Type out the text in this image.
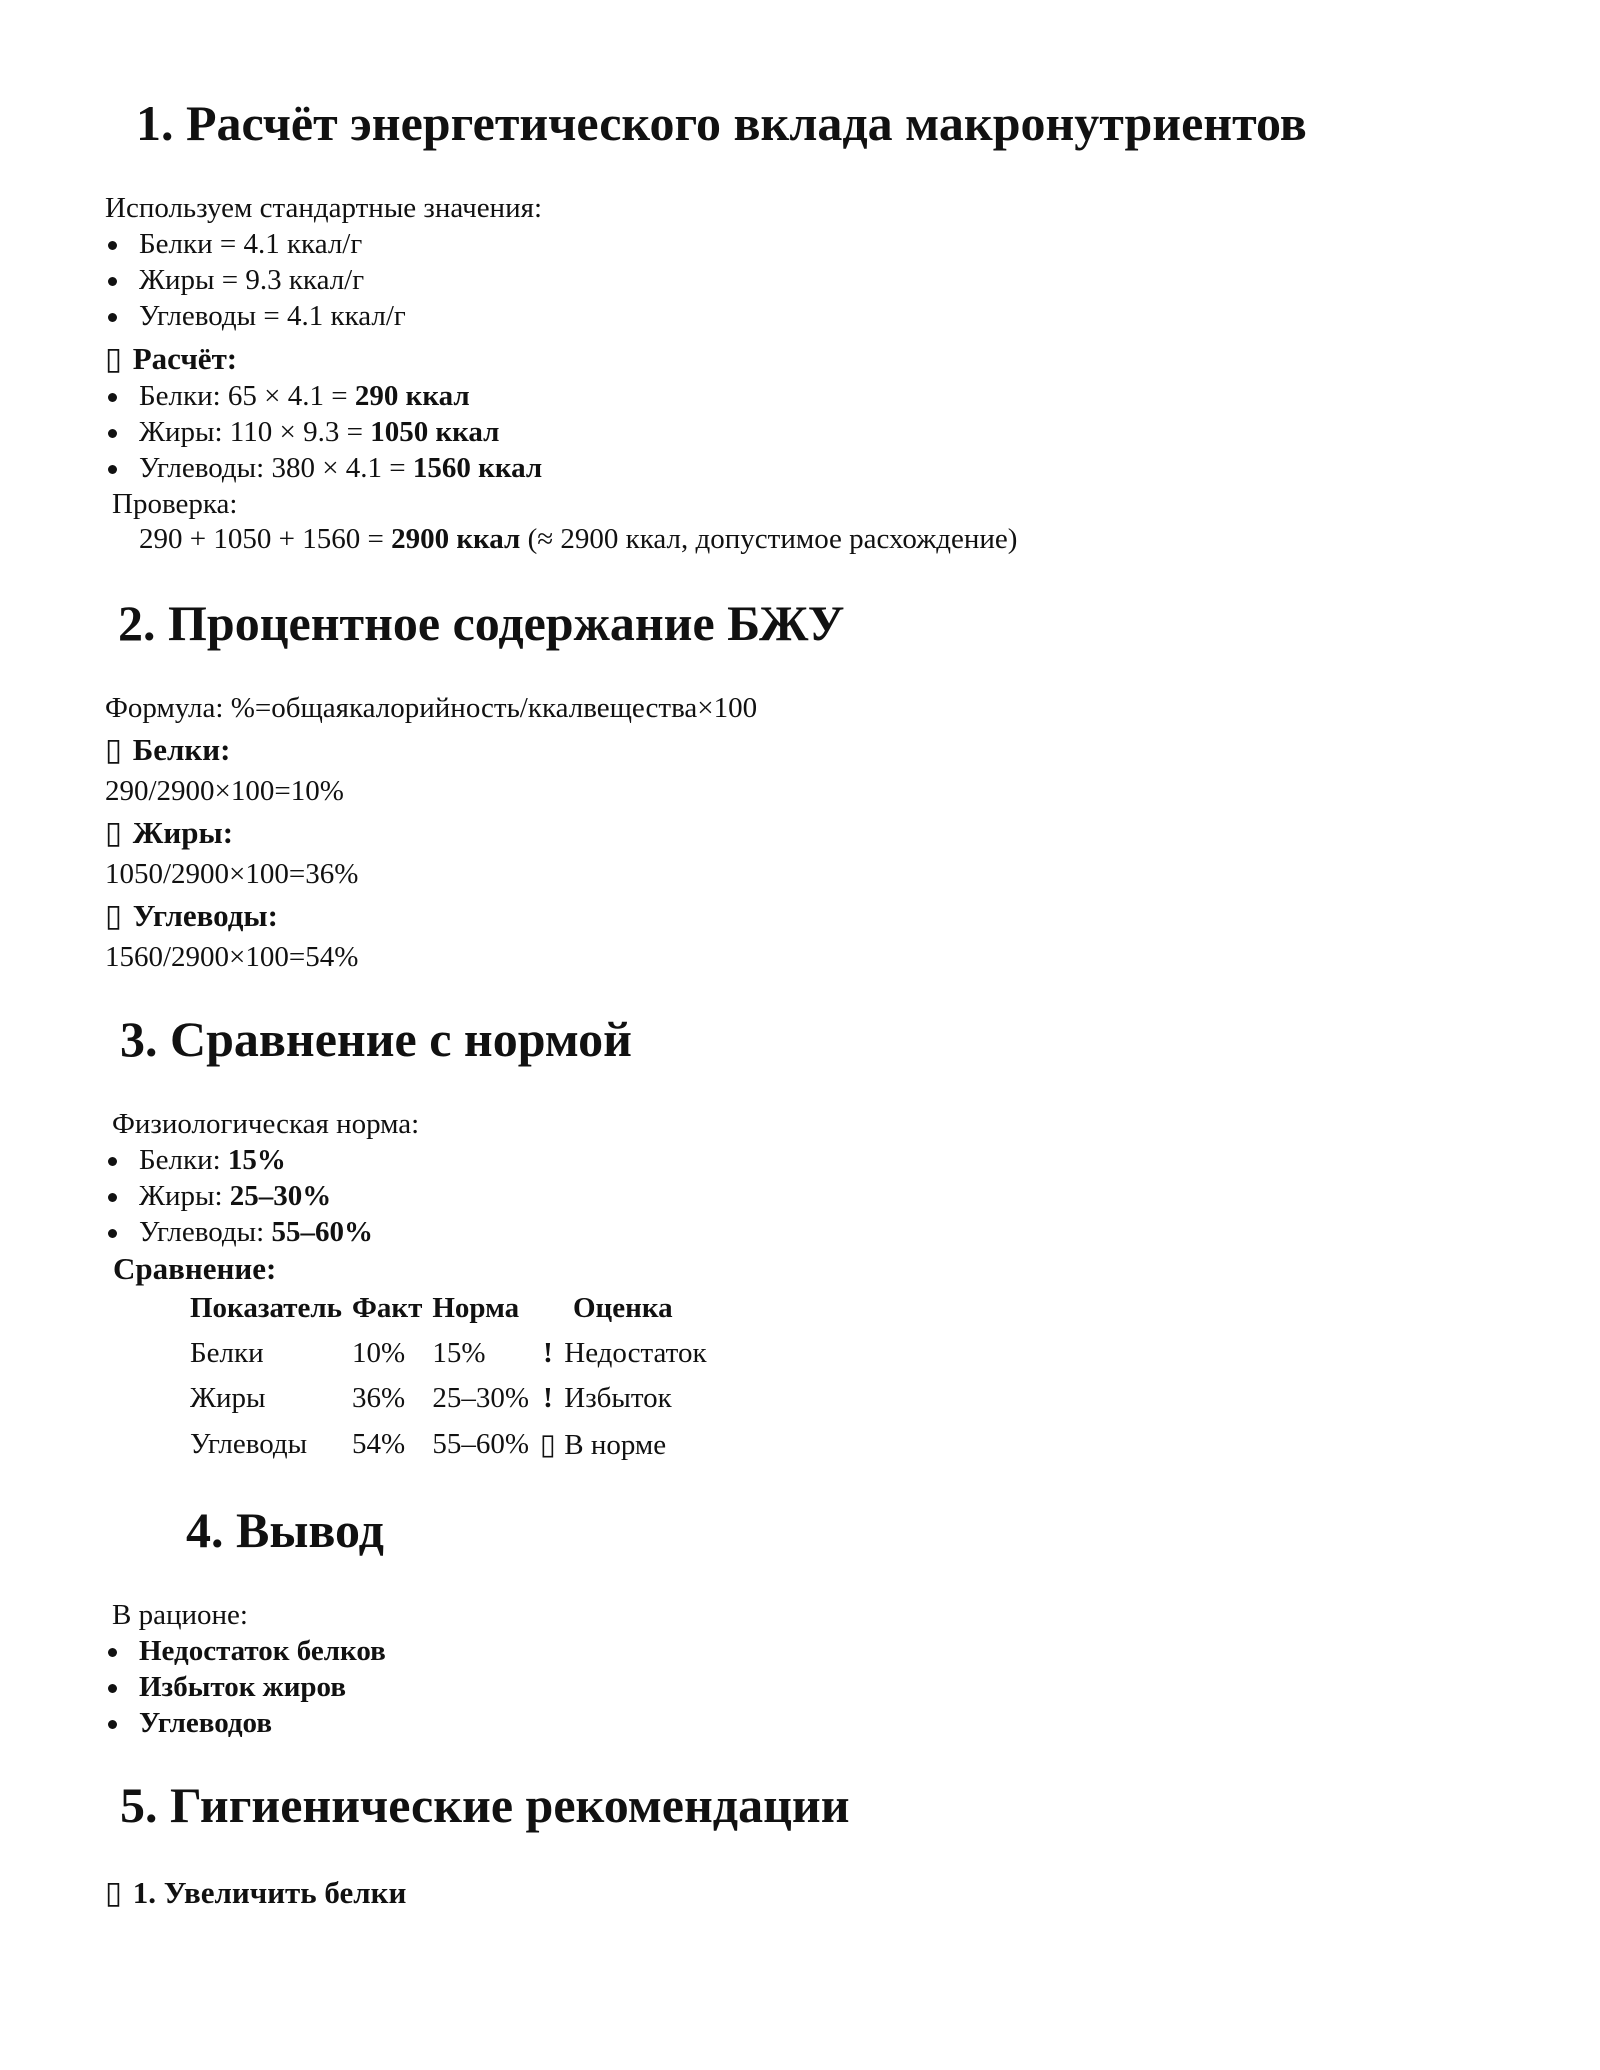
1. Расчёт энергетического вклада макронутриентов
Используем стандартные значения:
Белки = 4.1 ккал/г
Жиры = 9.3 ккал/г
Углеводы = 4.1 ккал/г
▯ Расчёт:
Белки: 65 × 4.1 = 290 ккал
Жиры: 110 × 9.3 = 1050 ккал
Углеводы: 380 × 4.1 = 1560 ккал
Проверка:
290 + 1050 + 1560 = 2900 ккал (≈ 2900 ккал, допустимое расхождение)
2. Процентное содержание БЖУ
Формула: %=общаякалорийность/ккалвещества×100
▯ Белки:
290/2900×100=10%
▯ Жиры:
1050/2900×100=36%
▯ Углеводы:
1560/2900×100=54%
3. Сравнение с нормой
Физиологическая норма:
Белки: 15%
Жиры: 25–30%
Углеводы: 55–60%
Сравнение:
Показатель	Факт	Норма	Оценка
Белки	10%	15%	! Недостаток
Жиры	36%	25–30%	! Избыток
Углеводы	54%	55–60%	▯ В норме
4. Вывод
В рационе:
Недостаток белков
Избыток жиров
Углеводов
5. Гигиенические рекомендации
▯ 1. Увеличить белки
